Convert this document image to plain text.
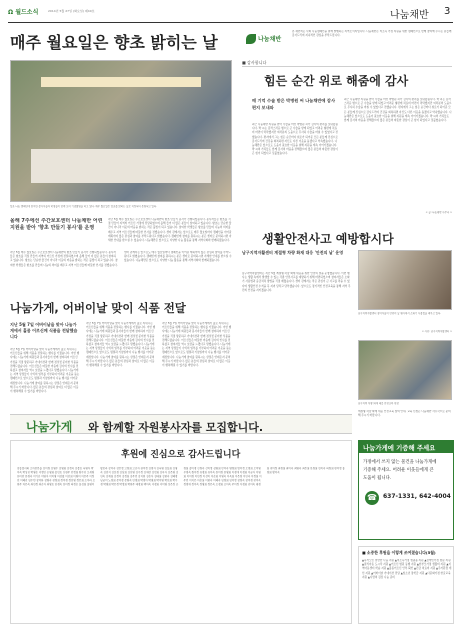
Ω 월드소식	2014년 5월 27일 (화요일) 제40호	나눔채반 3
매주 월요일은 향초 밝히는 날	나눔채반
본 채반지는 사회 나눔캠페인을 위해 발행되는 지역소식지입니다. 나눔채반은 저소득 가정 지원을 위한 캠페인으로 함께 참여해 주시는 분들께 감사드리며 지속적인 관심을 부탁드립니다.
향초 나눔 캠페인에 참여한 봉사자들과 학생들이 함께 모여 기념촬영을 하고 있다. 매주 월요일은 향초를 밝히는 날로 지정되어 운영되고 있다.
올해 7주에선 주간보호센터 나눔채반 어린 지원을 받아 '향초 만들기 봉사'를 운영
지난 5월 매주 월요일은 주간보호센터 나눔채반의 향초 만들기 봉사가 진행되었습니다. 봉사자들은 향초를 직접 만들어 지역의 어르신 가정에 전달하였으며 올해 들어 더 많은 분들이 참여하고 있습니다. 향초는 단순한 물건이 아니라 이웃의 마음을 밝히는 작은 불빛이 되고 있습니다. 참여한 학생들은 향초를 만들며 나눔의 의미를 배우고 지역 어르신들께 따뜻한 인사를 전했습니다. 센터 관계자는 앞으로도 매주 월요일마다 캠페인을 이어갈 계획이며 많은 관심과 참여를 부탁드린다고 밝혔습니다. 캠페인에 참여를 원하시는 분은 센터로 문의하시면 자세한 안내를 받으실 수 있습니다. 나눔채반은 앞으로도 다양한 나눔 활동을 통해 지역사회와 함께하겠습니다.
지난 5월 매주 월요일은 주간보호센터 나눔채반의 향초 만들기 봉사가 진행되었습니다. 봉사자들은 향초를 직접 만들어 지역의 어르신 가정에 전달하였으며 올해 들어 더 많은 분들이 참여하고 있습니다. 향초는 단순한 물건이 아니라 이웃의 마음을 밝히는 작은 불빛이 되고 있습니다. 참여한 학생들은 향초를 만들며 나눔의 의미를 배우고 지역 어르신들께 따뜻한 인사를 전했습니다. 센터 관계자는 앞으로도 매주 월요일마다 캠페인을 이어갈 계획이며 많은 관심과 참여를 부탁드린다고 밝혔습니다. 캠페인에 참여를 원하시는 분은 센터로 문의하시면 자세한 안내를 받으실 수 있습니다. 나눔채반은 앞으로도 다양한 나눔 활동을 통해 지역사회와 함께하겠습니다.
■ 감사합니다
힘든 순간 위로 해줌에 감사
매 기억 수술 받은 박병원 씨 나눔채반에 감사 편지 보내와
최근 나눔채반 지원을 받아 수술을 마친 박병원 씨가 감사의 편지를 보내왔습니다. 박 씨는 갑작스러운 병으로 큰 수술을 받게 되었고 어려운 형편에 치료비 마련이 막막했지만 여러분의 도움으로 무사히 수술을 마칠 수 있었다고 전했습니다. 편지에서 그는 힘든 순간마다 위로가 되어준 모든 분들께 진심으로 감사드리며 건강을 회복하면 자신도 다른 이웃을 돕겠다고 약속했습니다. 나눔채반은 앞으로도 도움이 필요한 이웃을 위해 지원을 계속 이어가겠습니다. 박 씨의 가족들도 함께 감사의 마음을 전해왔으며 많은 분들의 따뜻한 관심이 큰 힘이 되었다고 덧붙였습니다.
최근 나눔채반 지원을 받아 수술을 마친 박병원 씨가 감사의 편지를 보내왔습니다. 박 씨는 갑작스러운 병으로 큰 수술을 받게 되었고 어려운 형편에 치료비 마련이 막막했지만 여러분의 도움으로 무사히 수술을 마칠 수 있었다고 전했습니다. 편지에서 그는 힘든 순간마다 위로가 되어준 모든 분들께 진심으로 감사드리며 건강을 회복하면 자신도 다른 이웃을 돕겠다고 약속했습니다. 나눔채반은 앞으로도 도움이 필요한 이웃을 위해 지원을 계속 이어가겠습니다. 박 씨의 가족들도 함께 감사의 마음을 전해왔으며 많은 분들의 따뜻한 관심이 큰 힘이 되었다고 덧붙였습니다.
< 글: 나눔채반 사무국 >
생활안전사고 예방합시다
남구지역자활센터 계절형 차량 화재 대응 '안전의 날' 운영
남구지역자활센터는 지난 5월 계절형 차량 화재 대응을 위한 안전의 날을 운영했습니다. 이번 행사는 생활 속에서 발생할 수 있는 각종 안전사고를 예방하기 위해 마련되었으며 참여자들은 소화기 사용법과 응급처치 방법을 직접 배웠습니다. 센터 관계자는 작은 관심이 큰 사고를 막을 수 있다며 생활안전 수칙을 꼭 지켜 달라고 당부했습니다. 앞으로도 정기적인 안전교육을 통해 지역 주민의 안전을 지키겠습니다.
남구지역자활센터 참여자들이 안전의 날 행사에서 소화기 사용법을 배우고 있다.
< 사진: 남구지역자활센터 >
나눔가게, 어버이날 맞이 식품 전달
지난 5월 7일 어버이날을 맞아 나눔가게에서 홀몸 어르신께 식품을 전달했습니다
지난 5월 7일 어버이날을 맞아 나눔가게에서 홀로 지내시는 어르신들을 위해 식품을 전달하는 행사를 가졌습니다. 이번 행사에는 나눔가게 회원들과 봉사자들이 함께 참여하여 어르신 가정을 직접 방문하고 카네이션과 함께 정성껏 준비한 식품을 전해드렸습니다. 어르신들은 따뜻한 마음에 감사의 인사를 전하셨고 참여자들 역시 보람을 느꼈다고 말했습니다. 나눔가게는 지역 상점들이 수익의 일부를 기부하여 어려운 이웃을 돕는 캠페인으로 앞으로도 명절과 기념일마다 나눔 행사를 이어갈 예정입니다. 나눔가게 참여를 원하시는 상점은 언제든지 문의해 주시기 바랍니다. 많은 분들의 관심과 참여로 더 많은 이웃이 행복해질 수 있기를 바랍니다.
지난 5월 7일 어버이날을 맞아 나눔가게에서 홀로 지내시는 어르신들을 위해 식품을 전달하는 행사를 가졌습니다. 이번 행사에는 나눔가게 회원들과 봉사자들이 함께 참여하여 어르신 가정을 직접 방문하고 카네이션과 함께 정성껏 준비한 식품을 전해드렸습니다. 어르신들은 따뜻한 마음에 감사의 인사를 전하셨고 참여자들 역시 보람을 느꼈다고 말했습니다. 나눔가게는 지역 상점들이 수익의 일부를 기부하여 어려운 이웃을 돕는 캠페인으로 앞으로도 명절과 기념일마다 나눔 행사를 이어갈 예정입니다. 나눔가게 참여를 원하시는 상점은 언제든지 문의해 주시기 바랍니다. 많은 분들의 관심과 참여로 더 많은 이웃이 행복해질 수 있기를 바랍니다.
지난 5월 7일 어버이날을 맞아 나눔가게에서 홀로 지내시는 어르신들을 위해 식품을 전달하는 행사를 가졌습니다. 이번 행사에는 나눔가게 회원들과 봉사자들이 함께 참여하여 어르신 가정을 직접 방문하고 카네이션과 함께 정성껏 준비한 식품을 전해드렸습니다. 어르신들은 따뜻한 마음에 감사의 인사를 전하셨고 참여자들 역시 보람을 느꼈다고 말했습니다. 나눔가게는 지역 상점들이 수익의 일부를 기부하여 어려운 이웃을 돕는 캠페인으로 앞으로도 명절과 기념일마다 나눔 행사를 이어갈 예정입니다. 나눔가게 참여를 원하시는 상점은 언제든지 문의해 주시기 바랍니다. 많은 분들의 관심과 참여로 더 많은 이웃이 행복해질 수 있기를 바랍니다.
남구지역 차량 화재 대응 안전교육 현장
나눔가게 와 함께할 자원봉사자를 모집합니다.
후원에 진심으로 감사드립니다
강동봉사회 고마운분들 김미경 김영수 김영희 김정숙 김종호 나영자 박미숙 박성진 박영순 서정민 손명희 송민호 신현주 안정희 양수진 오세영 유미란 윤경숙 이기순 이명자 이미영 이상철 이선희 이영미 이은주 이정민 이혜진 임수빈 장미화 장영숙 전경희 정미경 정선영 정은희 조미라 조현주 차은숙 최민정 최순자 최영호 한경숙 한미정 허정순 홍성희 홍영미 황보라 강미숙 강은정 고경희 고순자 권미정 김경자 김나영 김동희 김명숙 김민지 김보경 김상희 김선영 김수정 김애란 김연희 김옥자 김은영 김인숙 김재희 김정미 김정희 김주연 김지현 김춘자 김태희 김현숙 김혜경 남궁미 노경희 문미경 문영숙 민경희 박경아 박명희 박미영 박선희 박수경 박영희 박은정 박정희 박현주 배경희 백미숙 서경희 서미영 성은정 손경희 송미경 신경숙 신미정 심영희 안미숙 양경희 엄미정 오경희 오미영 우경숙 원미정 유경희 유미숙 윤미경 윤영희 이경애 이경희 이금자 이명희 이미경 이민정 이선미 이순희 이영숙 이옥희 이은경 이인숙 이정희 이주연 이지은 이춘희 이현숙 이혜숙 임경희 임미정 장경숙 장미경 전미숙 정경애 정미숙 정영희 정은숙 조경희 조미숙 주미정 지경희 진미숙 채경희 천미정 최경희 최미숙 최영숙 최은희 한경희 한미숙 허경희 현미정 홍경희 황미숙
계절형 차량 화재 대응 안전교육 참여 안내. 교육 신청은 나눔채반 사무국으로 문의해 주시기 바랍니다.
나눔가게에 기증해 주세요
가정에서 쓰지 않는 물건을 나눔가게에
기증해 주세요. 어려운 이웃들에게 큰
도움이 됩니다.
☎	637-1331, 642-4004
■ 소중한 후원을 이렇게 쓰여졌습니다(5월)
▲독거노인 밑반찬 나눔 지원 ▲저소득가정 생필품 지원 ▲장애인가정 방문 지원 ▲결식아동 도시락 지원 ▲어르신 병원 동행 지원 ▲한부모가정 생활비 지원 ▲지역아동센터 학습 지원 ▲홀몸어르신 안부 확인 ▲긴급 의료비 지원 ▲주거환경 개선 지원 ▲어버이날 카네이션 전달 ▲청소년 장학금 지원 ▲다문화가정 한글교육 지원 ▲사랑의 김장 나눔 준비
